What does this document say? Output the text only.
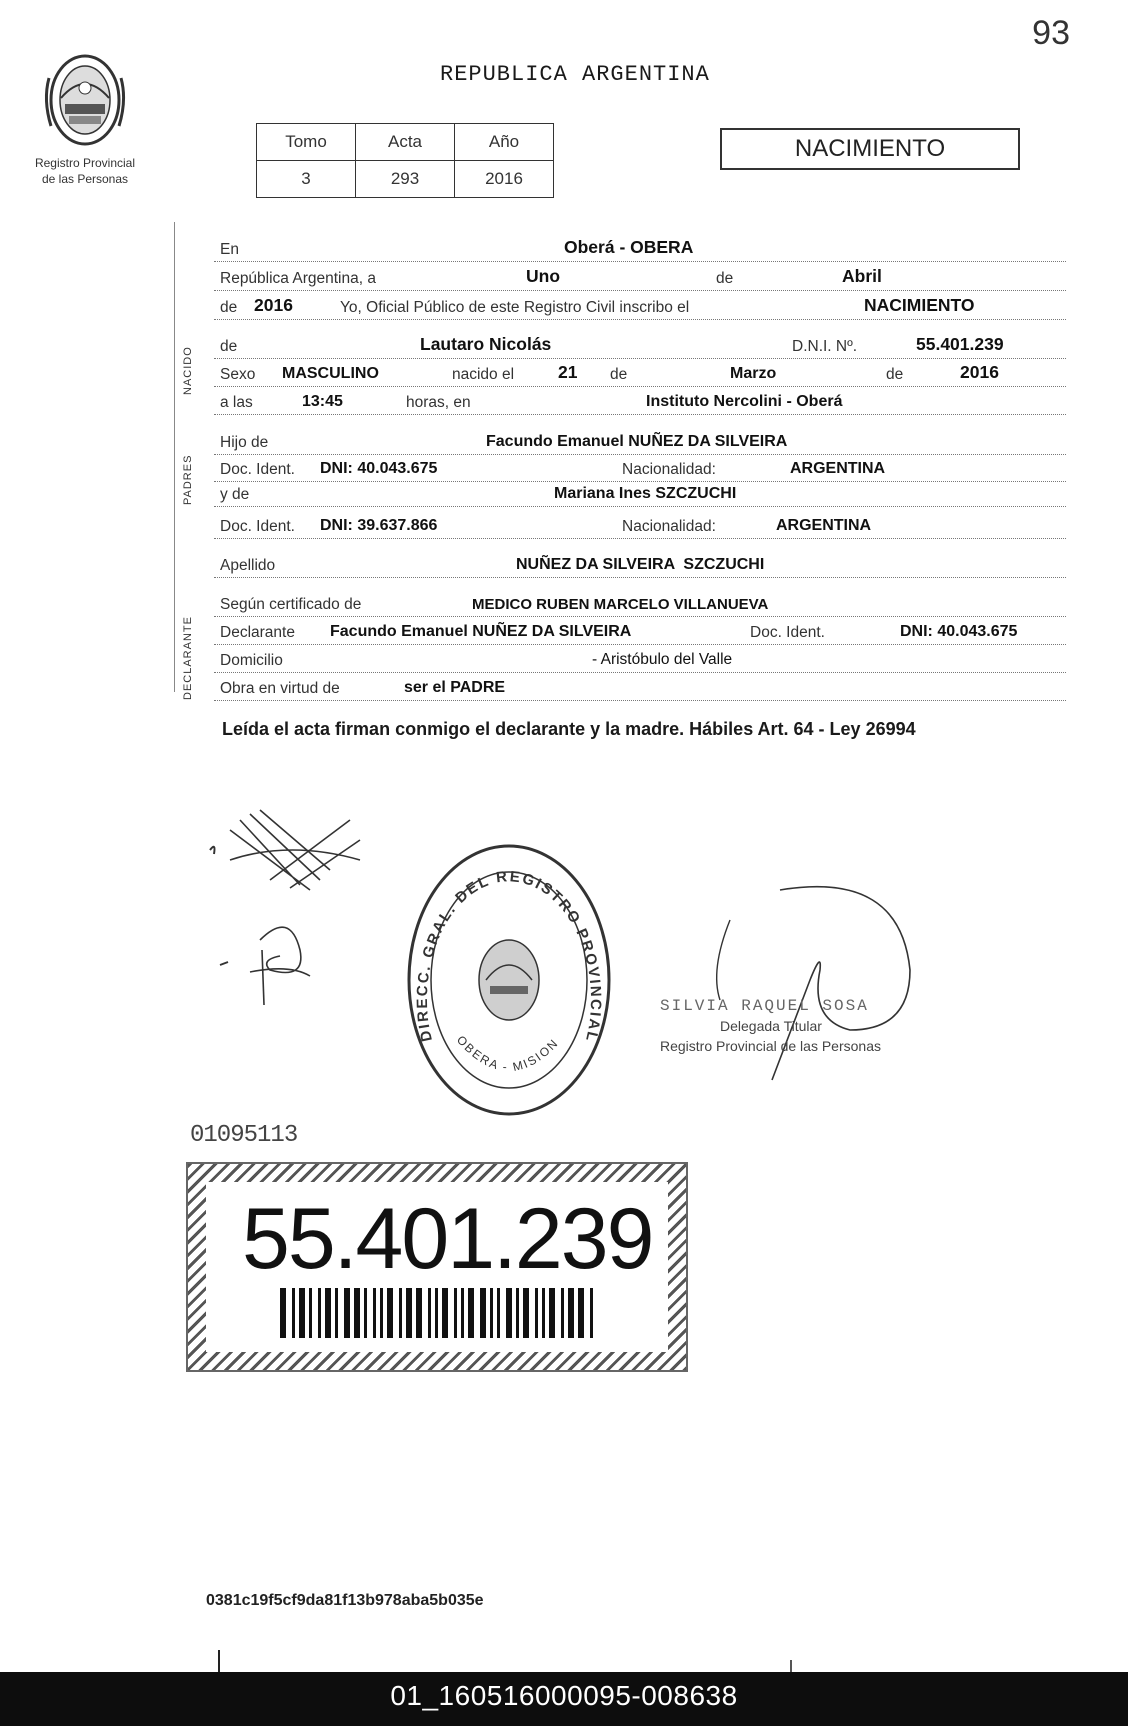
93
Registro Provincial
de las Personas
REPUBLICA ARGENTINA
Tomo	Acta	Año
3	293	2016
NACIMIENTO
NACIDO
PADRES
DECLARANTE
En	Oberá - OBERA
República Argentina, a	Uno	de	Abril
de 2016	Yo, Oficial Público de este Registro Civil inscribo el	NACIMIENTO
de	Lautaro Nicolás	D.N.I. Nº.	55.401.239
Sexo MASCULINO	nacido el	21 de	Marzo	de	2016
a las	13:45	horas, en	Instituto Nercolini - Oberá
Hijo de	Facundo Emanuel NUÑEZ DA SILVEIRA
Doc. Ident. DNI: 40.043.675	Nacionalidad:	ARGENTINA
y de	Mariana Ines SZCZUCHI
Doc. Ident. DNI: 39.637.866	Nacionalidad:	ARGENTINA
Apellido	NUÑEZ DA SILVEIRA  SZCZUCHI
Según certificado de	MEDICO RUBEN MARCELO VILLANUEVA
Declarante Facundo Emanuel NUÑEZ DA SILVEIRA	Doc. Ident.	DNI: 40.043.675
Domicilio	- Aristóbulo del Valle
Obra en virtud de	ser el PADRE
Leída el acta firman conmigo el declarante y la madre. Hábiles Art. 64 - Ley 26994
DIRECC. GRAL. DEL REGISTRO PROVINCIAL
OBERA - MISION
SILVIA RAQUEL SOSA
Delegada Titular
Registro Provincial de las Personas
01095113
55.401.239
0381c19f5cf9da81f13b978aba5b035e
01_160516000095-008638
